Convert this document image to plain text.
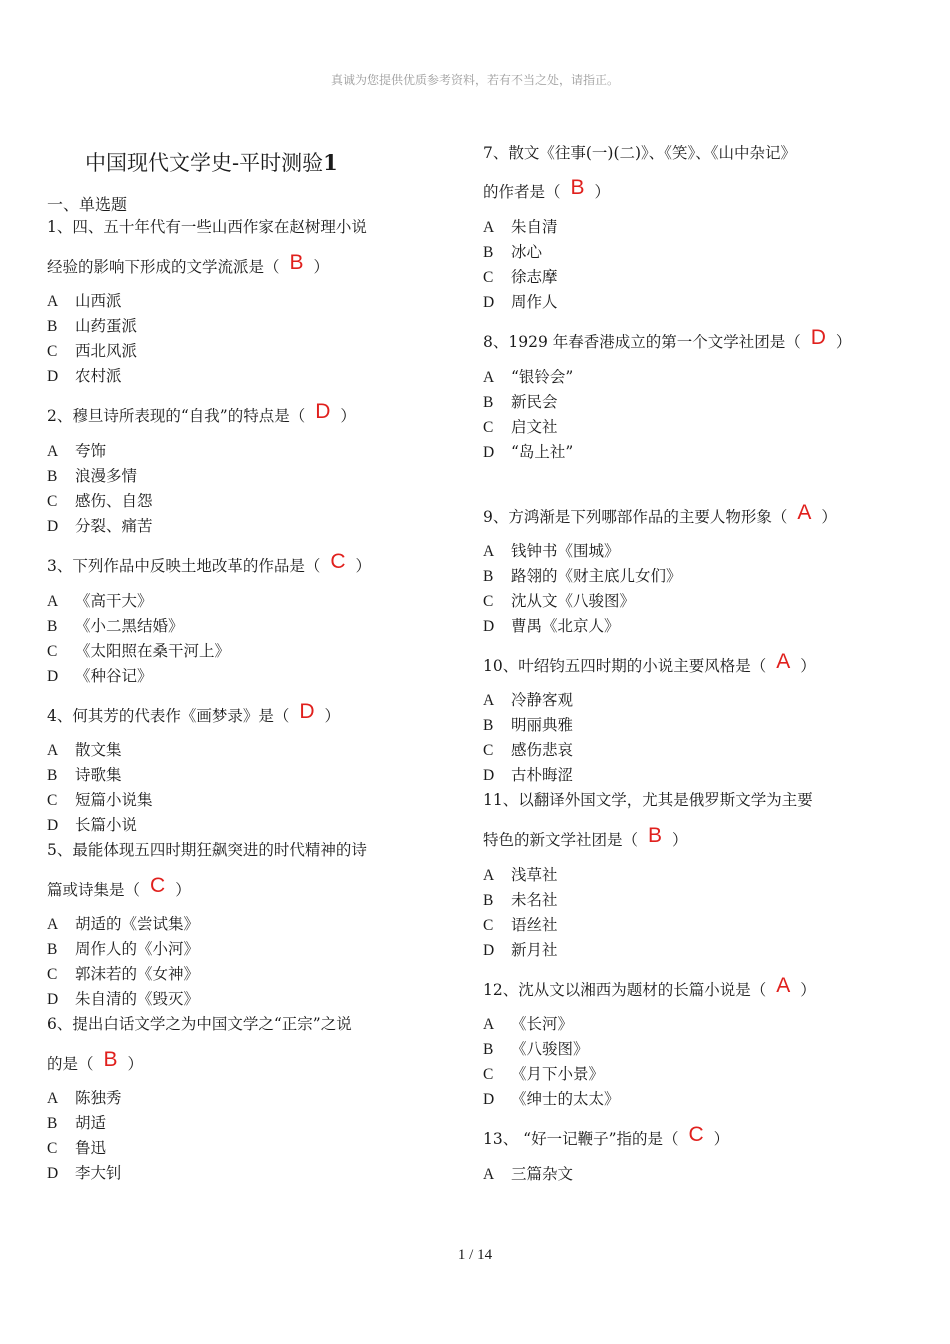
真诚为您提供优质参考资料，若有不当之处，请指正。
中国现代文学史-平时测验1
一、单选题
1、四、五十年代有一些山西作家在赵树理小说
经验的影响下形成的文学流派是（ B ）
A 山西派
B 山药蛋派
C 西北风派
D 农村派
2、穆旦诗所表现的“自我”的特点是（ D ）
A 夸饰
B 浪漫多情
C 感伤、自怨
D 分裂、痛苦
3、下列作品中反映土地改革的作品是（ C ）
A 《高干大》
B 《小二黑结婚》
C 《太阳照在桑干河上》
D 《种谷记》
4、何其芳的代表作《画梦录》是（ D ）
A 散文集
B 诗歌集
C 短篇小说集
D 长篇小说
5、最能体现五四时期狂飙突进的时代精神的诗
篇或诗集是（ C ）
A 胡适的《尝试集》
B 周作人的《小河》
C 郭沫若的《女神》
D 朱自清的《毁灭》
6、提出白话文学之为中国文学之“正宗”之说
的是（ B ）
A 陈独秀
B 胡适
C 鲁迅
D 李大钊
7、散文《往事(一)(二)》、《笑》、《山中杂记》
的作者是（ B ）
A 朱自清
B 冰心
C 徐志摩
D 周作人
8、1929 年春香港成立的第一个文学社团是（ D ）
A “银铃会”
B 新民会
C 启文社
D “岛上社”
9、方鸿渐是下列哪部作品的主要人物形象（ A ）
A 钱钟书《围城》
B 路翎的《财主底儿女们》
C 沈从文《八骏图》
D 曹禺《北京人》
10、叶绍钧五四时期的小说主要风格是（ A ）
A 冷静客观
B 明丽典雅
C 感伤悲哀
D 古朴晦涩
11、以翻译外国文学，尤其是俄罗斯文学为主要
特色的新文学社团是（ B ）
A 浅草社
B 未名社
C 语丝社
D 新月社
12、沈从文以湘西为题材的长篇小说是（ A ）
A 《长河》
B 《八骏图》
C 《月下小景》
D 《绅士的太太》
13、 “好一记鞭子”指的是（ C ）
A 三篇杂文
1 / 14
